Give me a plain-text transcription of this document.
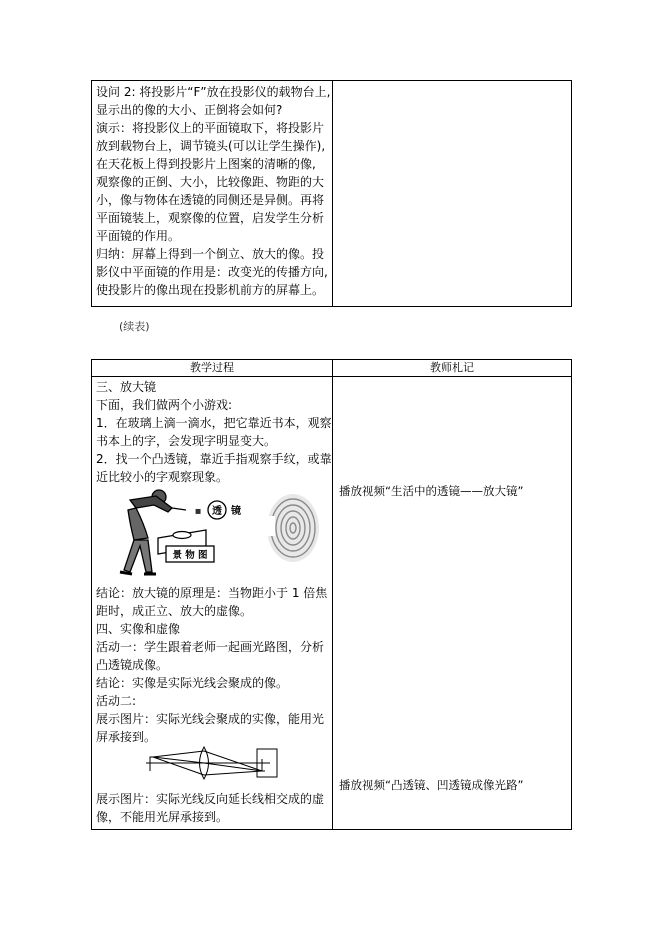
设问 2: 将投影片“F”放在投影仪的载物台上,

显示出的像的大小、正倒将会如何?

演示：将投影仪上的平面镜取下，将投影片

放到载物台上，调节镜头(可以让学生操作),

在天花板上得到投影片上图案的清晰的像,

观察像的正倒、大小，比较像距、物距的大

小，像与物体在透镜的同侧还是异侧。再将

平面镜装上，观察像的位置，启发学生分析

平面镜的作用。

归纳：屏幕上得到一个倒立、放大的像。投

影仪中平面镜的作用是：改变光的传播方向,

使投影片的像出现在投影机前方的屏幕上。

(续表)
教学过程	教师札记

三、放大镜

下面，我们做两个小游戏:

1．在玻璃上滴一滴水，把它靠近书本，观察

书本上的字，会发现字明显变大。

2．找一个凸透镜，靠近手指观察手纹，或靠

近比较小的字观察现象。

透
▪	镜
景 物 图

结论：放大镜的原理是：当物距小于 1 倍焦

距时，成正立、放大的虚像。

四、实像和虚像

活动一：学生跟着老师一起画光路图，分析

凸透镜成像。

结论：实像是实际光线会聚成的像。

活动二:

展示图片：实际光线会聚成的实像，能用光

屏承接到。

展示图片：实际光线反向延长线相交成的虚

像，不能用光屏承接到。

播放视频“生活中的透镜——放大镜”
播放视频“凸透镜、凹透镜成像光路”
